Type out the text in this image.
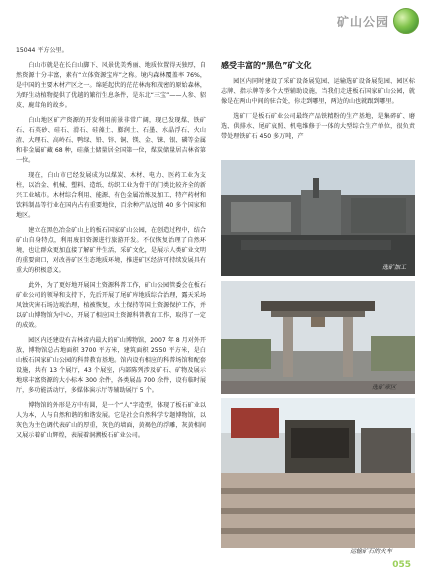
矿山公园

15044 平方公里。

白山市就是在长白山脚下、风景优美秀丽、地质位置得天独厚，自然资源十分丰富，素有“立体资源宝库”之称。境内森林覆盖率 76%，是中国的主要木材产区之一。绵延起伏的茫茫林海和茂密的原始森林，为野生动植物提供了优越的繁衍生息条件，是东北“三宝”——人参、貂皮、鹿茸角的故乡。

白山地区矿产资源的开发利用前景非常广阔，现已发现煤、铁矿石、石英砂、硅石、滑石、硅藻土、膨润土、石墨、水晶浮石、火山渣、大理石、高岭石、鸭绿、铅、锌、铜、镁、金、铼、银、磷等金属和非金属矿藏 68 种，硅藻土储量居全国第一位，煤炭储量居吉林省第一位。

现在，白山市已经发展成为以煤炭、木材、电力、医药工业为支柱，以冶金、机械、塑料、造纸、纺织工业为骨干的门类比较齐全的新兴工业城市。木材综合利用、能源、有色金属冶炼及加工、特产药材和饮料制品等行业在国内占有重要地位，百余种产品远销 40 多个国家和地区。

建立在黑色冶金矿山上的板石国家矿山公园，在创造过程中，结合矿山自身特点，利用废旧资源进行旅游开发。不仅恢复治理了自然环境，也让群众更加直接了解矿井生活，采矿文化，是展示人类矿业文明的重要窗口，对改善矿区生态地质环境，推进矿区经济可持续发展具有重大的积极意义。

此外，为了更好地开展国土资源科普工作，矿山公园管委会在板石矿业公司的领导和支持下，先后开展了尾矿库地质综合治理，露天采场风蚀灾害石场边坡治理，植被恢复，水土保持等国土资源保护工作，并以矿山博物馆为中心，开展了相应国土资源科普教育工作，取得了一定的成效。

园区内还建设有吉林省内最大的矿山博物馆，2007 年 8 月对外开放，博物馆总占地面积 3700 平方米，建筑面积 2550 平方米，是白山板石国家矿山公园的科普教育基地。馆内设有相应的科普场馆和配套设施，共有 13 个展厅，43 个展室，内部陈列涉及矿石、矿物及展示地球丰富资源的大小标本 300 余件，各类展品 700 余件，设有临时展厅，多功能活动厅，多媒体演示厅等辅助展厅 5 个。

博物馆的外形是方中有圆，是一个“人”字造型，体现了板石矿业以人为本，人与自然和谐的和谐发展。它是社会自然科学专题博物馆，以灰色为主色调代表矿山的厚重，灰色的墙面，黄褐色的浮雕，灰黄相间又展示着矿山辉煌，表展着洞溯板石矿业公司。

感受丰富的“黑色”矿文化

园区内同时建设了采矿设备展览园、运输选矿设备展览园、园区标志牌、指示牌等多个大型辅助设施，当我们走进板石国家矿山公园，就像是在两山中间的驻合处，你走到哪里，两边的山也就跟到哪里。

选矿厂是板石矿业公司最终产品铁精粉的生产基地，是集碎矿、磨选、供排水、尾矿哀照、机电维修于一体的大型综合生产单位，很负责带处理铁矿石 450 多万吨，产

选矿加工
选矿章区
运输矿石的火车
055
